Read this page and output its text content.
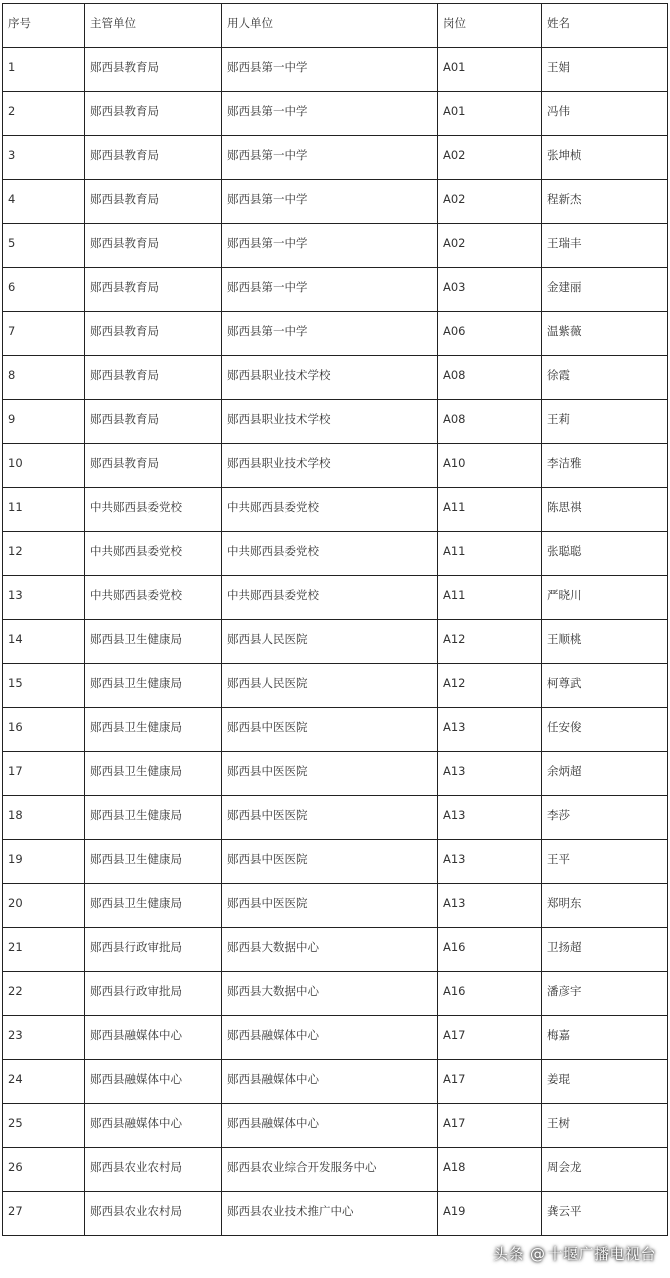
序号	主管单位	用人单位	岗位	姓名

1	郧西县教育局	郧西县第一中学	A01	王娟

2	郧西县教育局	郧西县第一中学	A01	冯伟

3	郧西县教育局	郧西县第一中学	A02	张坤桢

4	郧西县教育局	郧西县第一中学	A02	程新杰

5	郧西县教育局	郧西县第一中学	A02	王瑞丰

6	郧西县教育局	郧西县第一中学	A03	金建丽

7	郧西县教育局	郧西县第一中学	A06	温紫薇

8	郧西县教育局	郧西县职业技术学校	A08	徐霞

9	郧西县教育局	郧西县职业技术学校	A08	王莉

10	郧西县教育局	郧西县职业技术学校	A10	李洁雅

11	中共郧西县委党校	中共郧西县委党校	A11	陈思祺

12	中共郧西县委党校	中共郧西县委党校	A11	张聪聪

13	中共郧西县委党校	中共郧西县委党校	A11	严晓川

14	郧西县卫生健康局	郧西县人民医院	A12	王顺桃

15	郧西县卫生健康局	郧西县人民医院	A12	柯尊武

16	郧西县卫生健康局	郧西县中医医院	A13	任安俊

17	郧西县卫生健康局	郧西县中医医院	A13	余炳超

18	郧西县卫生健康局	郧西县中医医院	A13	李莎

19	郧西县卫生健康局	郧西县中医医院	A13	王平

20	郧西县卫生健康局	郧西县中医医院	A13	郑明东

21	郧西县行政审批局	郧西县大数据中心	A16	卫扬超

22	郧西县行政审批局	郧西县大数据中心	A16	潘彦宇

23	郧西县融媒体中心	郧西县融媒体中心	A17	梅嘉

24	郧西县融媒体中心	郧西县融媒体中心	A17	姜琨

25	郧西县融媒体中心	郧西县融媒体中心	A17	王树

26	郧西县农业农村局	郧西县农业综合开发服务中心	A18	周会龙

27	郧西县农业农村局	郧西县农业技术推广中心	A19	龚云平
头条 @ 十堰广播电视台
